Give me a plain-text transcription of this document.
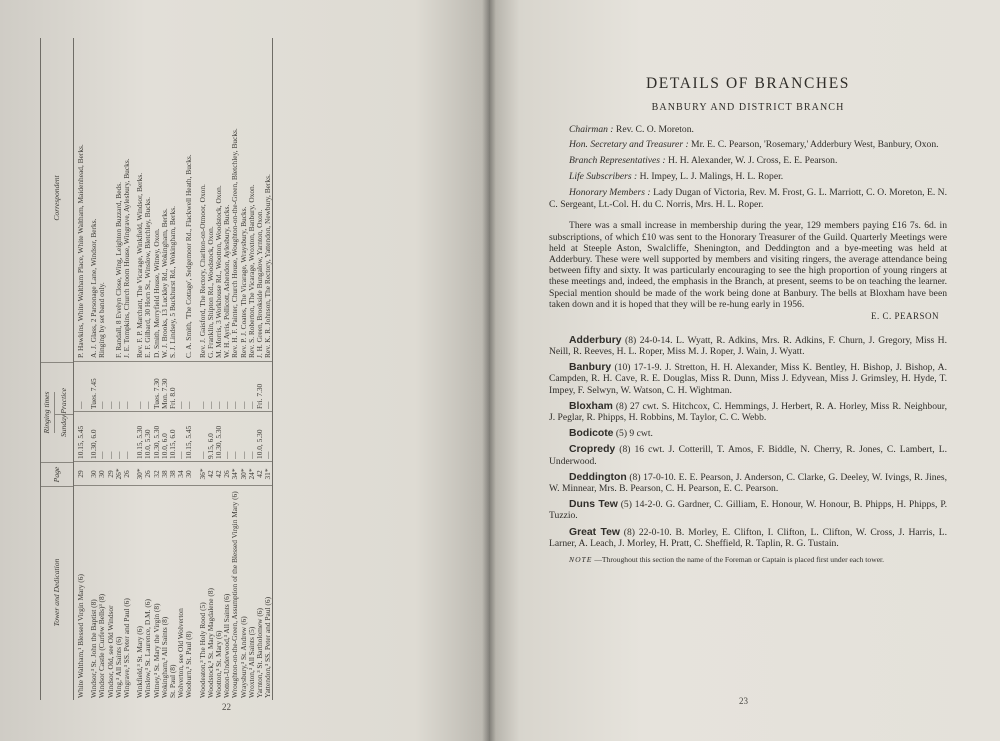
Tower and Dedication
Page
Ringing times Sunday
Practice
Correspondent
White Waltham,¹ Blessed Virgin Mary (6)
29
10.15, 5.45
—
P. Hawkins, White Waltham Place, White Waltham, Maidenhead, Berks.
Windsor,³ St. John the Baptist (8)
30
10.30, 6.0
Tues. 7.45
A. J. Glass, 2 Parsonage Lane, Windsor, Berks.
Windsor Castle (Curfew Bells)³ (8)
30
—
—
Ringing by set band only.
Windsor, Old, see Old Windsor
29
—
—
Wing,³ All Saints (6)
26*
—
—
F. Randall, 8 Evelyn Close, Wing, Leighton Buzzard, Beds.
Wingrave,³ SS. Peter and Paul (6)
26
—
—
J. E. Tompkins, Church Room House, Wingrave, Aylesbury, Bucks.
Winkfield,³ St. Mary (6)
30*
10.15, 5.30
—
Rev. F. P. Marchant, The Vicarage, Winkfield, Windsor, Berks.
Winslow,³ St. Laurence, D.M. (6)
26
10.0, 5.30
—
E. F. Gilbard, 30 Horn St., Winslow, Bletchley, Bucks.
Witney,³ St. Mary the Virgin (8)
32
10.30, 5.30
Tues. 7.30
D. Smith, Merryfield House, Witney, Oxon.
Wokingham,³ All Saints (8)
38
10.0, 6.0
Mon. 7.30
W. J. Brooks, 13 Luckley Rd., Wokingham, Berks.
St. Paul (8)
38
10.15, 6.0
Fri. 8.0
S. J. Lindsey, 5 Buckhurst Rd., Wokingham, Berks.
Wolverton, see Old Wolverton
34
—
—
Wooburn,³ St. Paul (8)
30
10.15, 5.45
—
C. A. Smith, 'The Cottage', Sedgemoor Rd., Flackwell Heath, Bucks.
Woodeaton,³ The Holy Rood (5)
36*
—
—
Rev. J. Gaisford, The Rectory, Charlton-on-Otmoor, Oxon.
Woodstock,³ St. Mary Magdalene (8)
42
9.15, 6.0
—
G. Franklin, Shipton Rd., Woodstock, Oxon.
Wootton,³ St. Mary (6)
42
10.30, 5.30
—
M. Morris, 3 Workhouse Rd., Wootton, Woodstock, Oxon.
Wotton-Underwood,³ All Saints (6)
26
—
—
W. H. Ayris, Pollicott, Ashendon, Aylesbury, Bucks.
Wroughton-on-the-Green, Assumption of the Blessed Virgin Mary (6)
34*
—
—
Rev. H. F. Painter, Church House, Woughton-on-the-Green, Bletchley, Bucks.
Wraysbury,³ St. Andrew (6)
30*
—
—
Rev. P. J. Coates, The Vicarage, Wraysbury, Bucks.
Wroxton,³ All Saints (5)
24*
—
—
Rev. S. Roberton, The Vicarage, Wroxton, Banbury, Oxon.
Yarnton,³ St. Bartholomew (6)
42
10.0, 5.30
Fri. 7.30
J. H. Green, Brookside Bungalow, Yarnton, Oxon.
Yattendon,³ SS. Peter and Paul (6)
31*
—
—
Rev. K. R. Johnson, The Rectory, Yattendon, Newbury, Berks.
22
DETAILS OF BRANCHES
BANBURY AND DISTRICT BRANCH
Chairman : Rev. C. O. Moreton.
Hon. Secretary and Treasurer : Mr. E. C. Pearson, 'Rosemary,' Adderbury West, Banbury, Oxon.
Branch Representatives : H. H. Alexander, W. J. Cross, E. E. Pearson.
Life Subscribers : H. Impey, L. J. Malings, H. L. Roper.
Honorary Members : Lady Dugan of Victoria, Rev. M. Frost, G. L. Marriott, C. O. Moreton, E. N. C. Sergeant, Lt.-Col. H. du C. Norris, Mrs. H. L. Roper.
There was a small increase in membership during the year, 129 members paying £16 7s. 6d. in subscriptions, of which £10 was sent to the Honorary Treasurer of the Guild. Quarterly Meetings were held at Steeple Aston, Swalcliffe, Shenington, and Deddington and a bye-meeting was held at Adderbury. These were well supported by members and visiting ringers, the average attendance being between fifty and sixty. It was particularly encouraging to see the high proportion of young ringers at these meetings and, indeed, the emphasis in the Branch, at present, seems to be on teaching the learner. Special mention should be made of the work being done at Banbury. The bells at Bloxham have been taken down and it is hoped that they will be re-hung early in 1956.
E. C. PEARSON
Adderbury (8) 24-0-14. L. Wyatt, R. Adkins, Mrs. R. Adkins, F. Churn, J. Gregory, Miss H. Neill, R. Reeves, H. L. Roper, Miss M. J. Roper, J. Wain, J. Wyatt.
Banbury (10) 17-1-9. J. Stretton, H. H. Alexander, Miss K. Bentley, H. Bishop, J. Bishop, A. Campden, R. H. Cave, R. E. Douglas, Miss R. Dunn, Miss J. Edyvean, Miss J. Grimsley, H. Hyde, T. Impey, F. Selwyn, W. Watson, C. H. Wightman.
Bloxham (8) 27 cwt. S. Hitchcox, C. Hemmings, J. Herbert, R. A. Horley, Miss R. Neighbour, J. Peglar, R. Phipps, H. Robbins, M. Taylor, C. C. Webb.
Bodicote (5) 9 cwt.
Cropredy (8) 16 cwt. J. Cotterill, T. Amos, F. Biddle, N. Cherry, R. Jones, C. Lambert, L. Underwood.
Deddington (8) 17-0-10. E. E. Pearson, J. Anderson, C. Clarke, G. Deeley, W. Ivings, R. Jines, W. Minnear, Mrs. B. Pearson, C. H. Pearson, E. C. Pearson.
Duns Tew (5) 14-2-0. G. Gardner, C. Gilliam, E. Honour, W. Honour, B. Phipps, H. Phipps, P. Tuzzio.
Great Tew (8) 22-0-10. B. Morley, E. Clifton, I. Clifton, L. Clifton, W. Cross, J. Harris, L. Larner, A. Leach, J. Morley, H. Pratt, C. Sheffield, R. Taplin, R. G. Tustain.
NOTE —Throughout this section the name of the Foreman or Captain is placed first under each tower.
23
